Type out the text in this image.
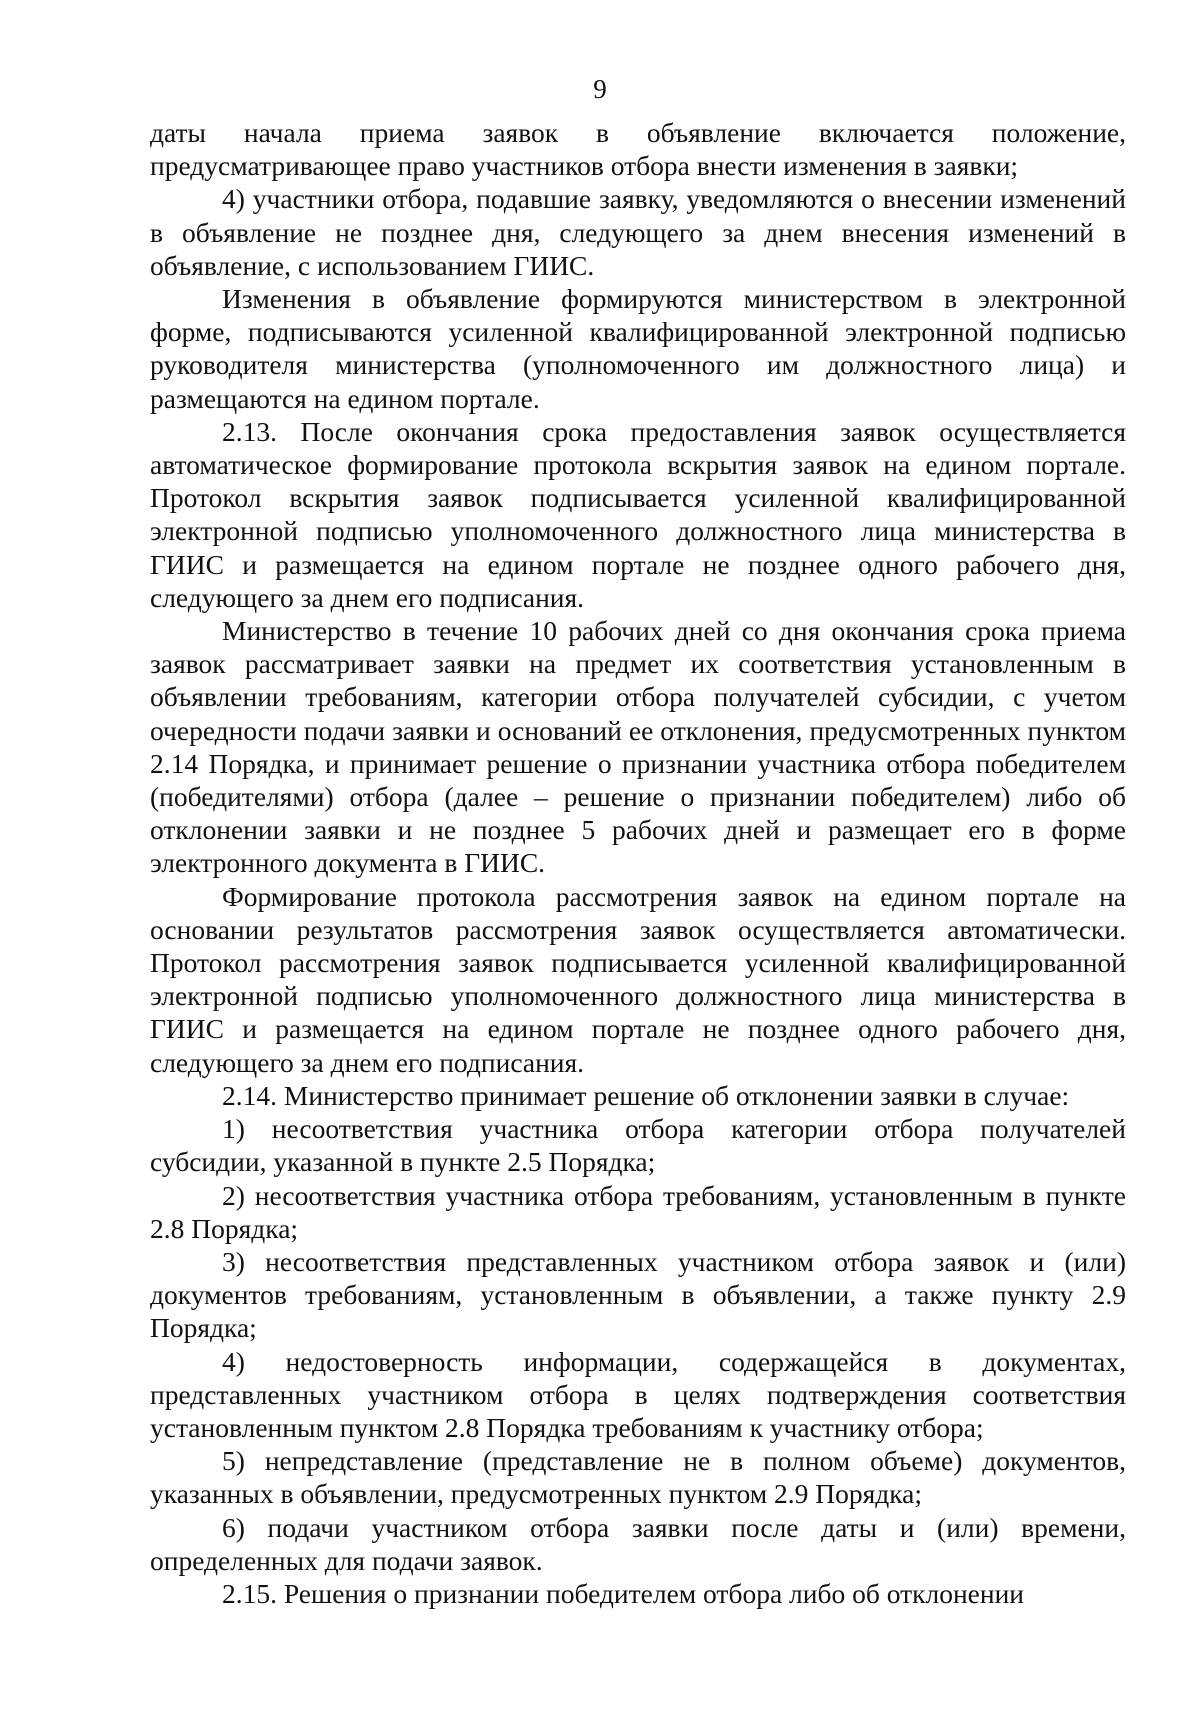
9

даты начала приема заявок в объявление включается положение, предусматривающее право участников отбора внести изменения в заявки;

4) участники отбора, подавшие заявку, уведомляются о внесении изменений в объявление не позднее дня, следующего за днем внесения изменений в объявление, с использованием ГИИС.

Изменения в объявление формируются министерством в электронной форме, подписываются усиленной квалифицированной электронной подписью руководителя министерства (уполномоченного им должностного лица) и размещаются на едином портале.

2.13. После окончания срока предоставления заявок осуществляется автоматическое формирование протокола вскрытия заявок на едином портале. Протокол вскрытия заявок подписывается усиленной квалифицированной электронной подписью уполномоченного должностного лица министерства в ГИИС и размещается на едином портале не позднее одного рабочего дня, следующего за днем его подписания.

Министерство в течение 10 рабочих дней со дня окончания срока приема заявок рассматривает заявки на предмет их соответствия установленным в объявлении требованиям, категории отбора получателей субсидии, с учетом очередности подачи заявки и оснований ее отклонения, предусмотренных пунктом 2.14 Порядка, и принимает решение о признании участника отбора победителем (победителями) отбора (далее – решение о признании победителем) либо об отклонении заявки и не позднее 5 рабочих дней и размещает его в форме электронного документа в ГИИС.

Формирование протокола рассмотрения заявок на едином портале на основании результатов рассмотрения заявок осуществляется автоматически. Протокол рассмотрения заявок подписывается усиленной квалифицированной электронной подписью уполномоченного должностного лица министерства в ГИИС и размещается на едином портале не позднее одного рабочего дня, следующего за днем его подписания.

2.14. Министерство принимает решение об отклонении заявки в случае:

1) несоответствия участника отбора категории отбора получателей субсидии, указанной в пункте 2.5 Порядка;

2) несоответствия участника отбора требованиям, установленным в пункте 2.8 Порядка;

3) несоответствия представленных участником отбора заявок и (или) документов требованиям, установленным в объявлении, а также пункту 2.9 Порядка;

4) недостоверность информации, содержащейся в документах, представленных участником отбора в целях подтверждения соответствия установленным пунктом 2.8 Порядка требованиям к участнику отбора;

5) непредставление (представление не в полном объеме) документов, указанных в объявлении, предусмотренных пунктом 2.9 Порядка;

6) подачи участником отбора заявки после даты и (или) времени, определенных для подачи заявок.

2.15. Решения о признании победителем отбора либо об отклонении
